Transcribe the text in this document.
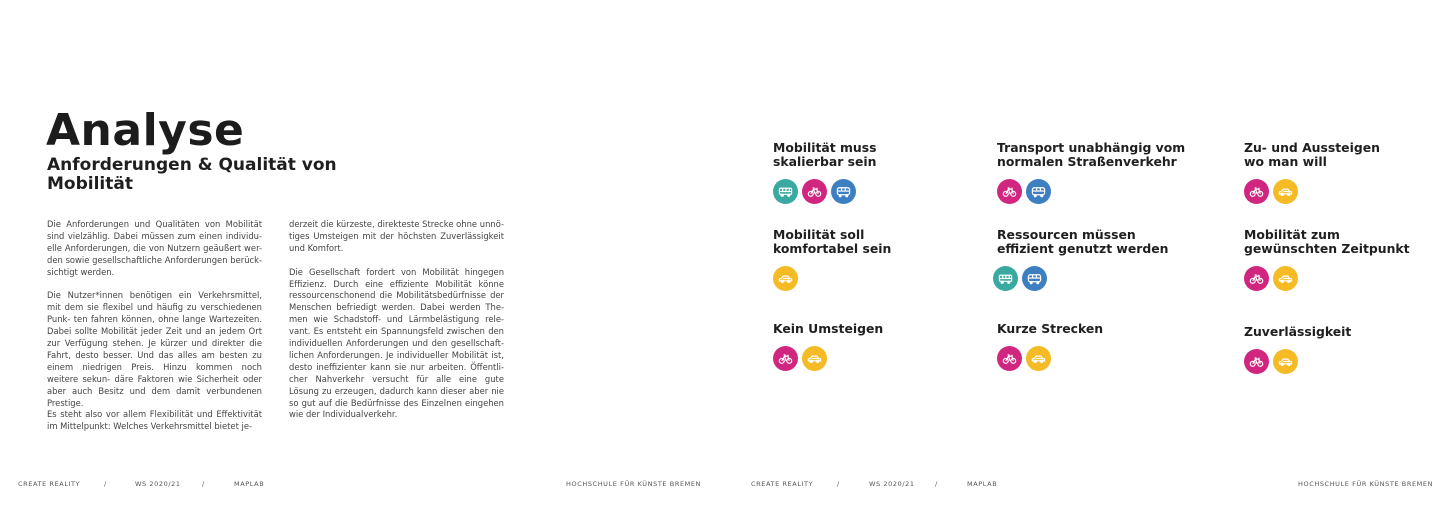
Analyse
Anforderungen & Qualität von
Mobilität

Die Anforderungen und Qualitäten von Mobilität sind vielzählig. Dabei müssen zum einen individu- elle Anforderungen, die von Nutzern geäußert wer- den sowie gesellschaftliche Anforderungen berück- sichtigt werden.

Die Nutzer*innen benötigen ein Verkehrsmittel, mit dem sie flexibel und häufig zu verschiedenen Punk- ten fahren können, ohne lange Wartezeiten. Dabei sollte Mobilität jeder Zeit und an jedem Ort zur Verfügung stehen. Je kürzer und direkter die Fahrt, desto besser. Und das alles am besten zu einem niedrigen Preis. Hinzu kommen noch weitere sekun- däre Faktoren wie Sicherheit oder aber auch Besitz und dem damit verbundenen Prestige.

Es steht also vor allem Flexibilität und Effektivität im Mittelpunkt: Welches Verkehrsmittel bietet je-

derzeit die kürzeste, direkteste Strecke ohne unnö- tiges Umsteigen mit der höchsten Zuverlässigkeit und Komfort.

Die Gesellschaft fordert von Mobilität hingegen Effizienz. Durch eine effiziente Mobilität könne ressourcenschonend die Mobilitätsbedürfnisse der Menschen befriedigt werden. Dabei werden The- men wie Schadstoff- und Lärmbelästigung rele- vant. Es entsteht ein Spannungsfeld zwischen den individuellen Anforderungen und den gesellschaft- lichen Anforderungen. Je individueller Mobilität ist, desto ineffizienter kann sie nur arbeiten. Öffentli- cher Nahverkehr versucht für alle eine gute Lösung zu erzeugen, dadurch kann dieser aber nie so gut auf die Bedürfnisse des Einzelnen eingehen wie der Individualverkehr.

Mobilität muss
skalierbar sein
Transport unabhängig vom
normalen Straßenverkehr
Zu- und Aussteigen
wo man will
Mobilität soll
komfortabel sein
Ressourcen müssen
effizient genutzt werden
Mobilität zum
gewünschten Zeitpunkt
Kein Umsteigen	Kurze Strecken	Zuverlässigkeit
CREATE REALITY	/	WS 2020/21	/	MAPLAB	HOCHSCHULE FÜR KÜNSTE BREMEN	CREATE REALITY	/	WS 2020/21	/	MAPLAB	HOCHSCHULE FÜR KÜNSTE BREMEN
